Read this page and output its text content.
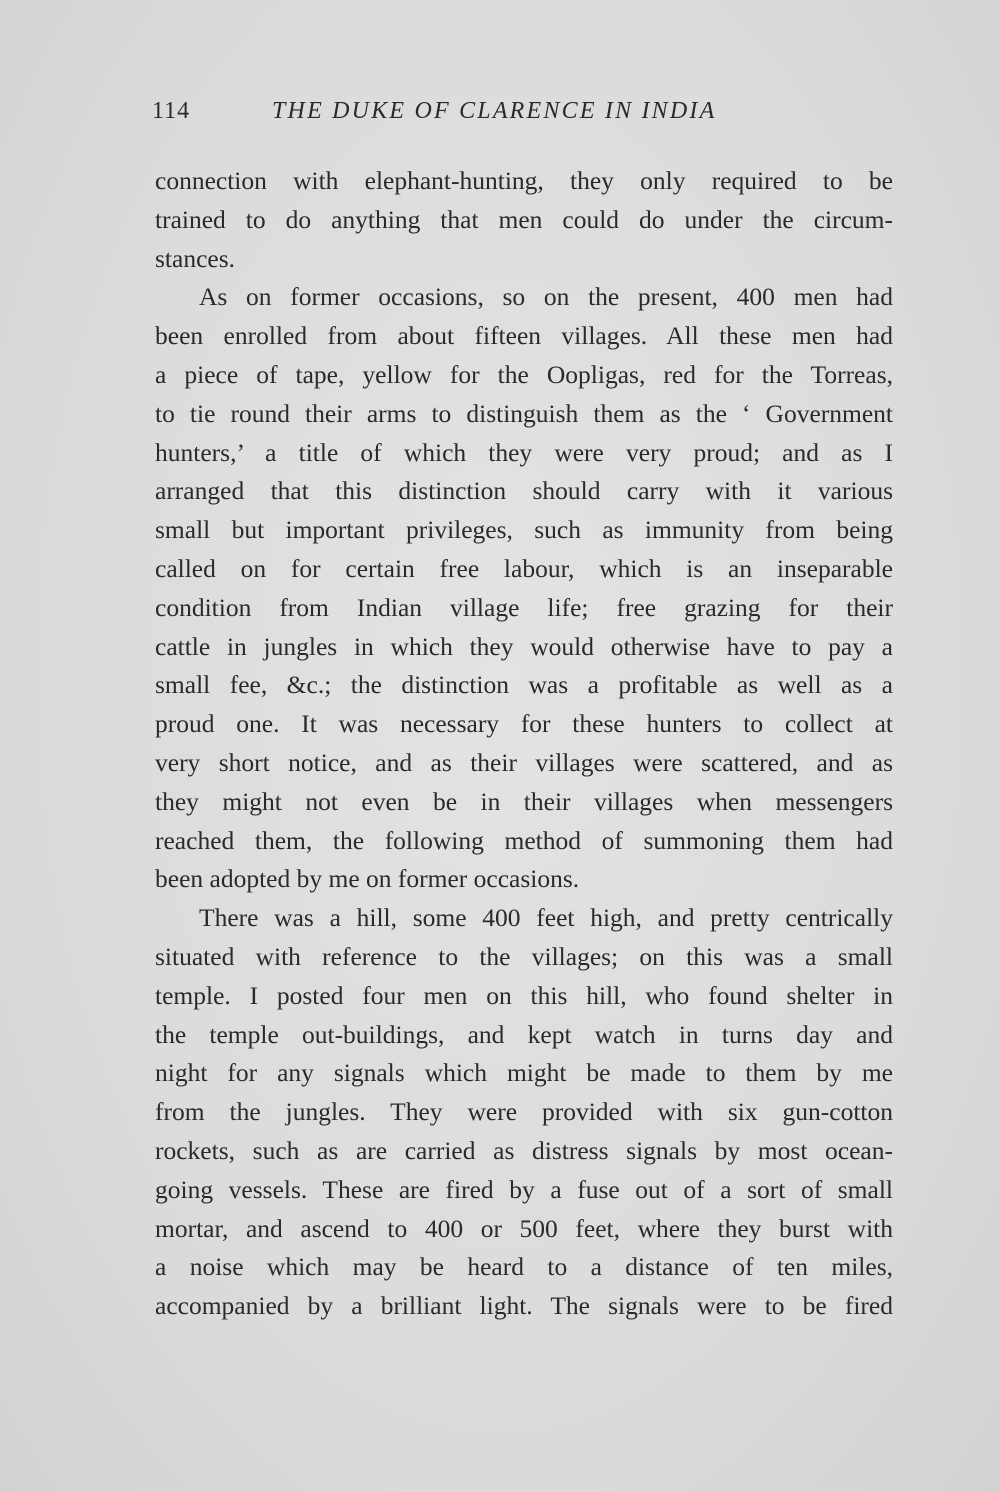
114	THE DUKE OF CLARENCE IN INDIA
connection with elephant-hunting, they only required to be
trained to do anything that men could do under the circum-
stances.
As on former occasions, so on the present, 400 men had
been enrolled from about fifteen villages. All these men had
a piece of tape, yellow for the Oopligas, red for the Torreas,
to tie round their arms to distinguish them as the ‘ Government
hunters,’ a title of which they were very proud; and as I
arranged that this distinction should carry with it various
small but important privileges, such as immunity from being
called on for certain free labour, which is an inseparable
condition from Indian village life; free grazing for their
cattle in jungles in which they would otherwise have to pay a
small fee, &c.; the distinction was a profitable as well as a
proud one. It was necessary for these hunters to collect at
very short notice, and as their villages were scattered, and as
they might not even be in their villages when messengers
reached them, the following method of summoning them had
been adopted by me on former occasions.
There was a hill, some 400 feet high, and pretty centrically
situated with reference to the villages; on this was a small
temple. I posted four men on this hill, who found shelter in
the temple out-buildings, and kept watch in turns day and
night for any signals which might be made to them by me
from the jungles. They were provided with six gun-cotton
rockets, such as are carried as distress signals by most ocean-
going vessels. These are fired by a fuse out of a sort of small
mortar, and ascend to 400 or 500 feet, where they burst with
a noise which may be heard to a distance of ten miles,
accompanied by a brilliant light. The signals were to be fired
